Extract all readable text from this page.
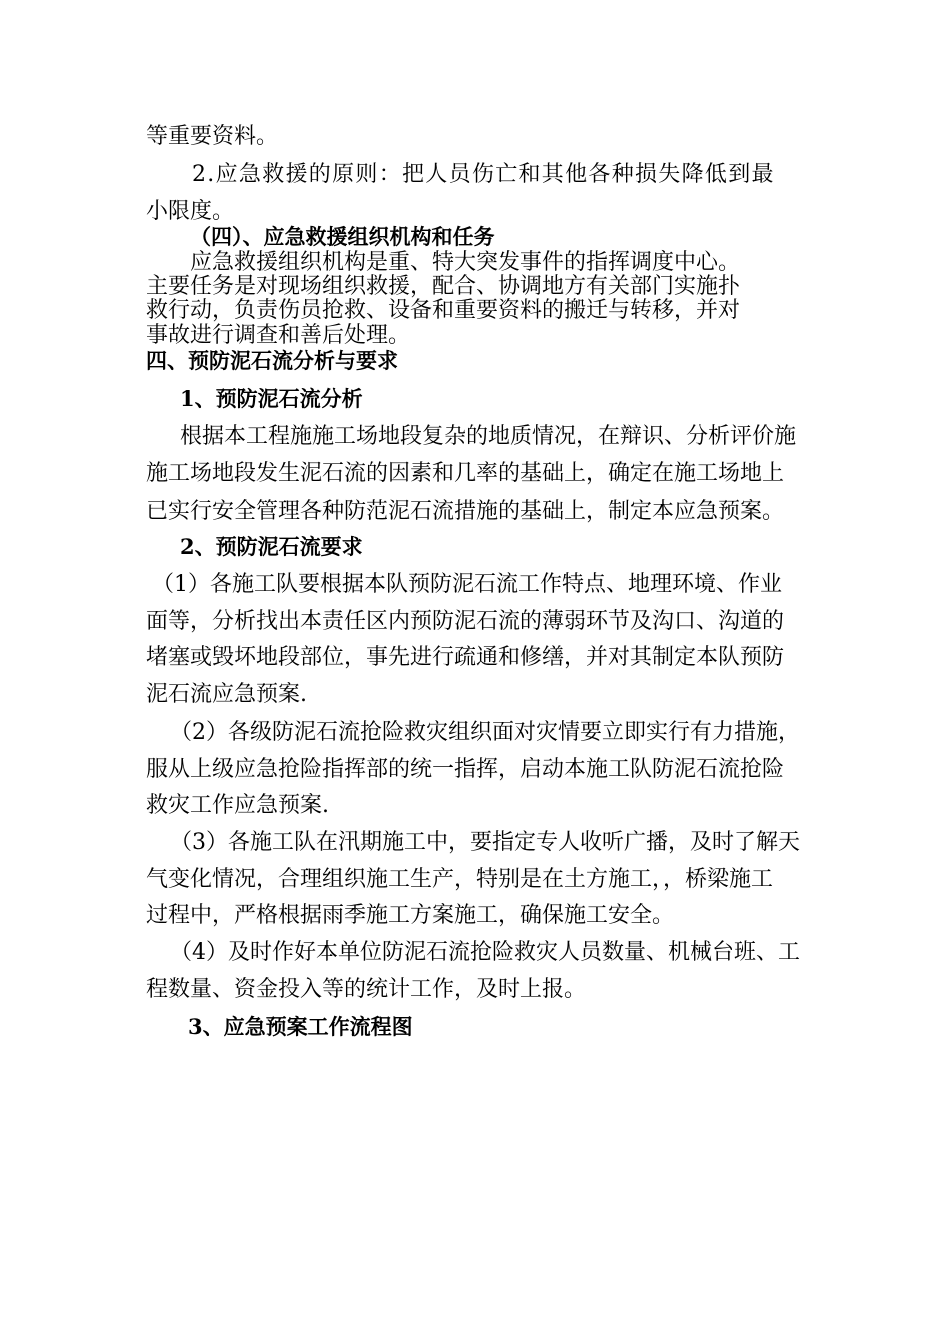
等重要资料。
2.应急救援的原则：把人员伤亡和其他各种损失降低到最
小限度。
（四）、应急救援组织机构和任务
应急救援组织机构是重、特大突发事件的指挥调度中心。
主要任务是对现场组织救援，配合、协调地方有关部门实施扑
救行动，负责伤员抢救、设备和重要资料的搬迁与转移，并对
事故进行调查和善后处理。
四、预防泥石流分析与要求
1、预防泥石流分析
根据本工程施施工场地段复杂的地质情况，在辩识、分析评价施
施工场地段发生泥石流的因素和几率的基础上，确定在施工场地上
已实行安全管理各种防范泥石流措施的基础上，制定本应急预案。
2、预防泥石流要求
（1）各施工队要根据本队预防泥石流工作特点、地理环境、作业
面等，分析找出本责任区内预防泥石流的薄弱环节及沟口、沟道的
堵塞或毁坏地段部位，事先进行疏通和修缮，并对其制定本队预防
泥石流应急预案.
（2）各级防泥石流抢险救灾组织面对灾情要立即实行有力措施，
服从上级应急抢险指挥部的统一指挥，启动本施工队防泥石流抢险
救灾工作应急预案.
（3）各施工队在汛期施工中，要指定专人收听广播，及时了解天
气变化情况，合理组织施工生产，特别是在土方施工，，桥梁施工
过程中，严格根据雨季施工方案施工，确保施工安全。
（4）及时作好本单位防泥石流抢险救灾人员数量、机械台班、工
程数量、资金投入等的统计工作，及时上报。
3、应急预案工作流程图
